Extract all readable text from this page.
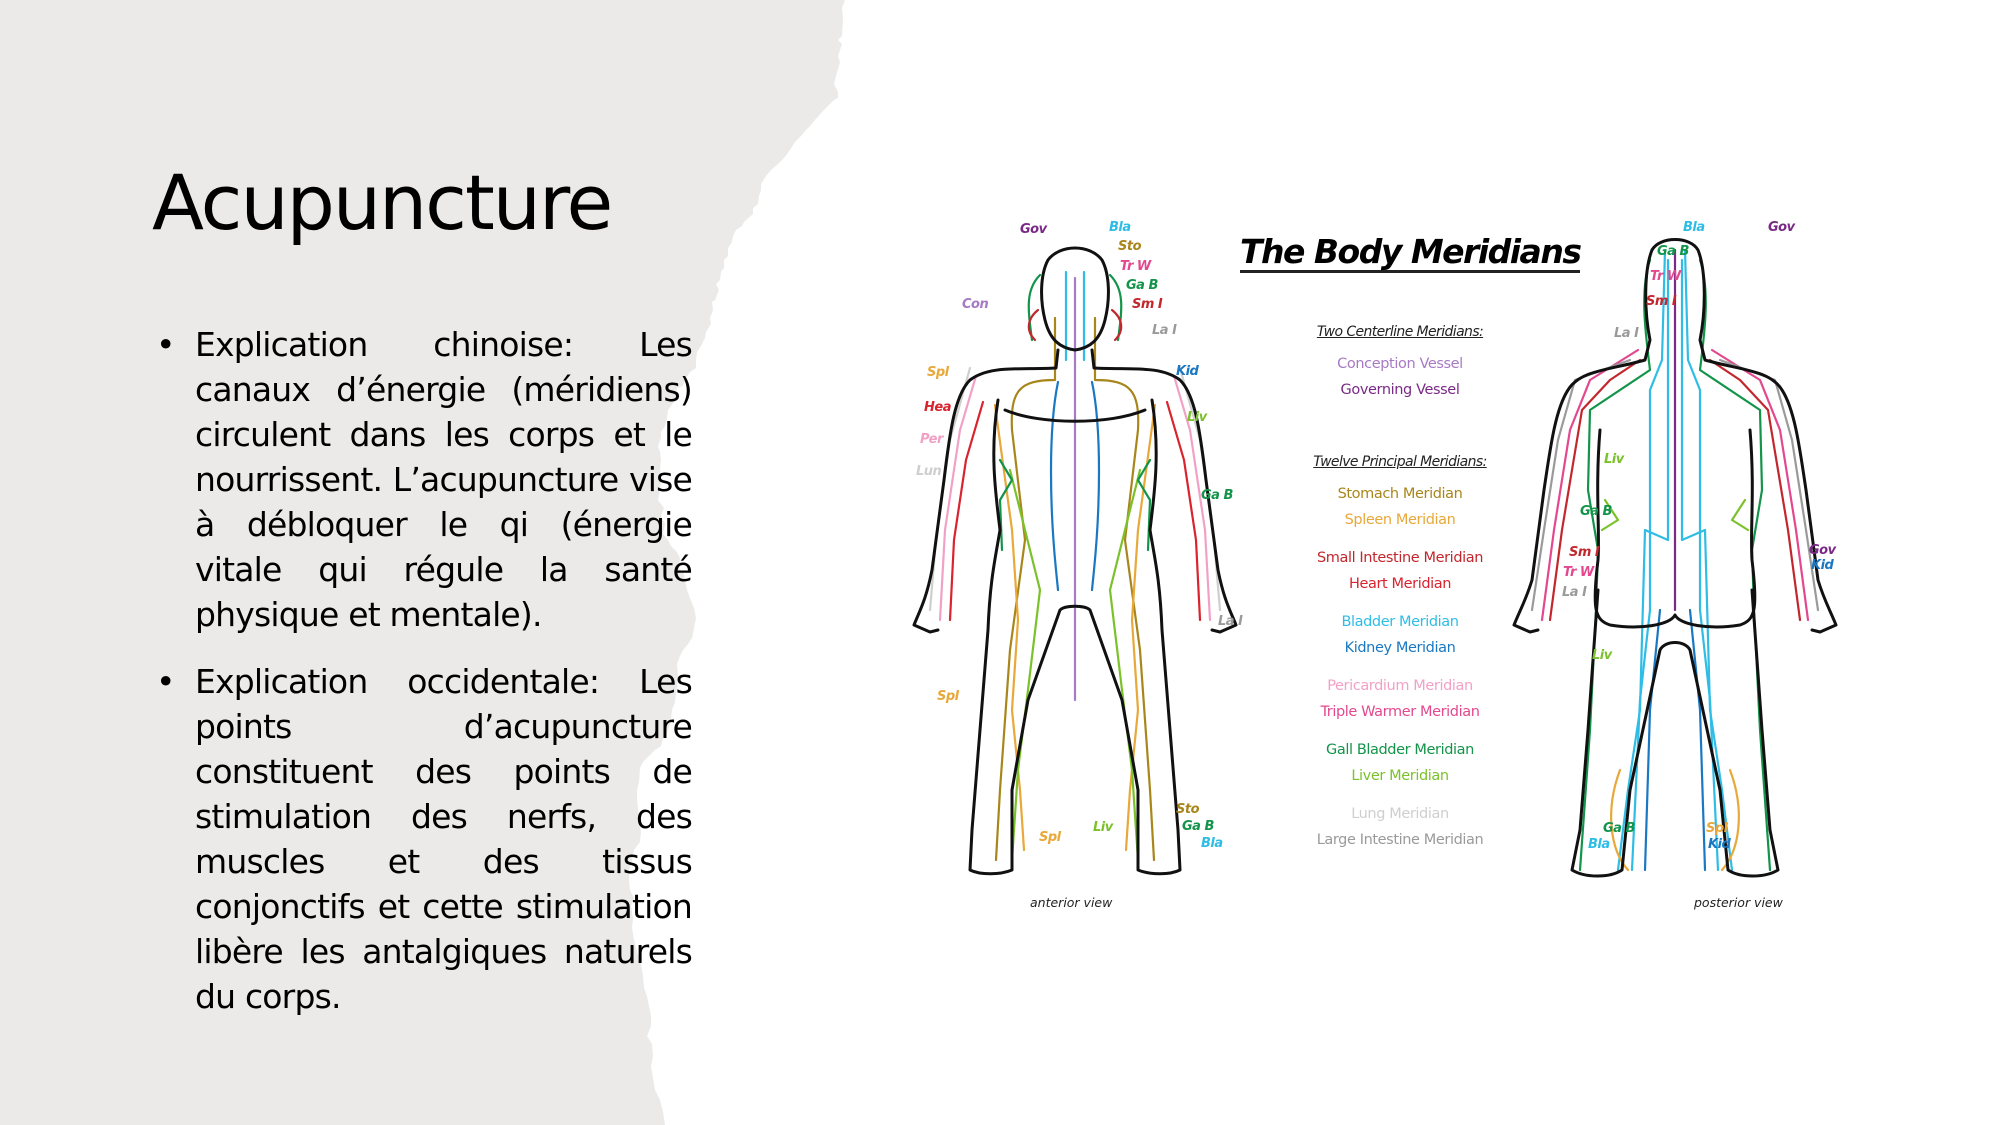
Acupuncture
• Explication chinoise: Les canaux d’énergie (méridiens) circulent dans les corps et le nourrissent. L’acupuncture vise à débloquer le qi (énergie vitale qui régule la santé physique et mentale).
• Explication occidentale: Les points d’acupuncture constituent des points de stimulation des nerfs, des muscles et des tissus conjonctifs et cette stimulation libère les antalgiques naturels du corps.
The Body Meridians
Two Centerline Meridians:
Conception Vessel
Governing Vessel
Twelve Principal Meridians:
Stomach Meridian
Spleen Meridian
Small Intestine Meridian
Heart Meridian
Bladder Meridian
Kidney Meridian
Pericardium Meridian
Triple Warmer Meridian
Gall Bladder Meridian
Liver Meridian
Lung Meridian
Large Intestine Meridian
Gov	Bla
Sto
Tr W
Ga B
Sm I
Con
La I
Kid
Spl
Hea
Liv
Per
Lun
Ga B
La I
Spl
Sto
Liv	Ga B
Spl	Bla
Bla	Gov
Ga B
Tr W
Sm I
La I
Liv
Ga B
Sm I	Gov
Tr W	Kid
La I
Liv
Ga B	Spl
Bla	Kid
anterior view	posterior view
